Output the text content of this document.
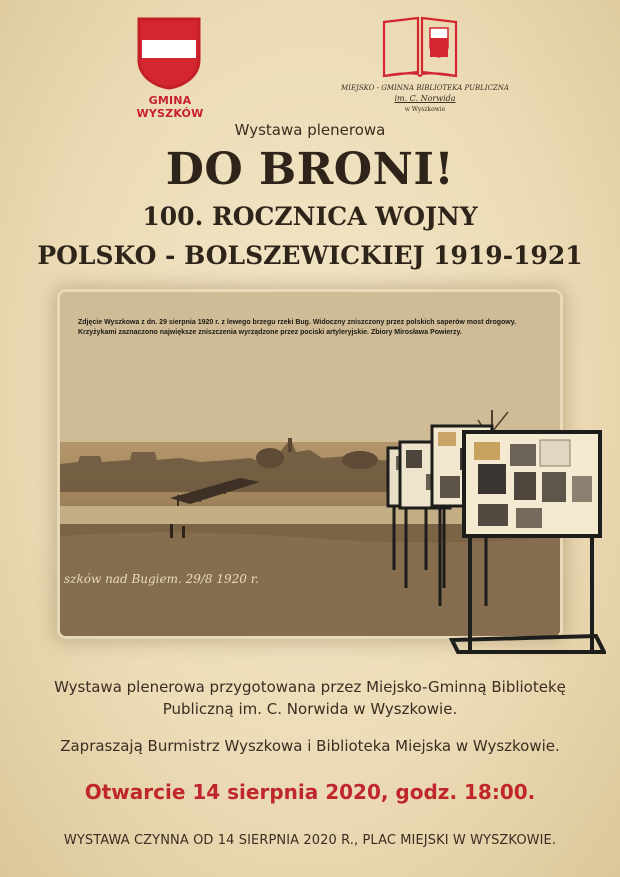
GMINA WYSZKÓW
MIEJSKO - GMINNA BIBLIOTEKA PUBLICZNA
im. C. Norwida
w Wyszkowie
Wystawa plenerowa
DO BRONI!
100. ROCZNICA WOJNY
POLSKO - BOLSZEWICKIEJ 1919-1921
Zdjęcie Wyszkowa z dn. 29 sierpnia 1920 r. z lewego brzegu rzeki Bug. Widoczny zniszczony przez polskich saperów most drogowy. Krzyżykami zaznaczono największe zniszczenia wyrządzone przez pociski artyleryjskie. Zbiory Mirosława Powierzy.
szków nad Bugiem. 29/8 1920 r.
Wystawa plenerowa przygotowana przez Miejsko-Gminną Bibliotekę
Publiczną im. C. Norwida w Wyszkowie.
Zapraszają Burmistrz Wyszkowa i Biblioteka Miejska w Wyszkowie.
Otwarcie 14 sierpnia 2020, godz. 18:00.
WYSTAWA CZYNNA OD 14 SIERPNIA 2020 R., PLAC MIEJSKI W WYSZKOWIE.
